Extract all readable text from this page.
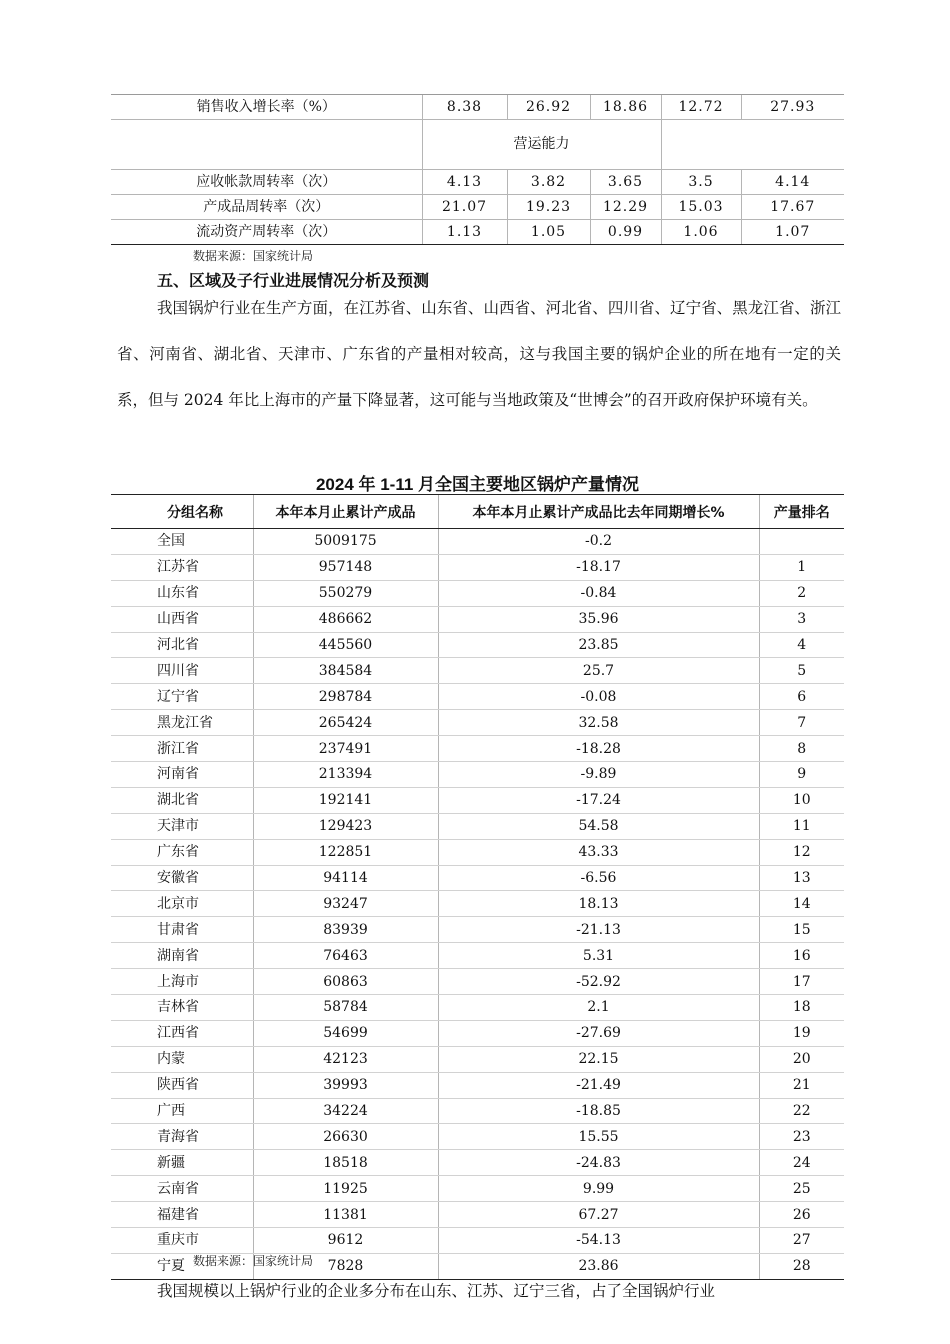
销售收入增长率（%）	8.38	26.92	18.86	12.72	27.93
	营运能力				
应收帐款周转率（次）	4.13	3.82	3.65	3.5	4.14
产成品周转率（次）	21.07	19.23	12.29	15.03	17.67
流动资产周转率（次）	1.13	1.05	0.99	1.06	1.07
数据来源：国家统计局
五、区域及子行业进展情况分析及预测

我国锅炉行业在生产方面，在江苏省、山东省、山西省、河北省、四川省、辽宁省、黑龙江省、浙江省、河南省、湖北省、天津市、广东省的产量相对较高，这与我国主要的锅炉企业的所在地有一定的关系，但与 2024 年比上海市的产量下降显著，这可能与当地政策及“世博会”的召开政府保护环境有关。

2024 年 1-11 月全国主要地区锅炉产量情况
分组名称	本年本月止累计产成品	本年本月止累计产成品比去年同期增长%	产量排名
全国	5009175	-0.2	
江苏省	957148	-18.17	1
山东省	550279	-0.84	2
山西省	486662	35.96	3
河北省	445560	23.85	4
四川省	384584	25.7	5
辽宁省	298784	-0.08	6
黑龙江省	265424	32.58	7
浙江省	237491	-18.28	8
河南省	213394	-9.89	9
湖北省	192141	-17.24	10
天津市	129423	54.58	11
广东省	122851	43.33	12
安徽省	94114	-6.56	13
北京市	93247	18.13	14
甘肃省	83939	-21.13	15
湖南省	76463	5.31	16
上海市	60863	-52.92	17
吉林省	58784	2.1	18
江西省	54699	-27.69	19
内蒙	42123	22.15	20
陕西省	39993	-21.49	21
广西	34224	-18.85	22
青海省	26630	15.55	23
新疆	18518	-24.83	24
云南省	11925	9.99	25
福建省	11381	67.27	26
重庆市	9612	-54.13	27
宁夏	7828	23.86	28
数据来源：国家统计局

我国规模以上锅炉行业的企业多分布在山东、江苏、辽宁三省，占了全国锅炉行业
